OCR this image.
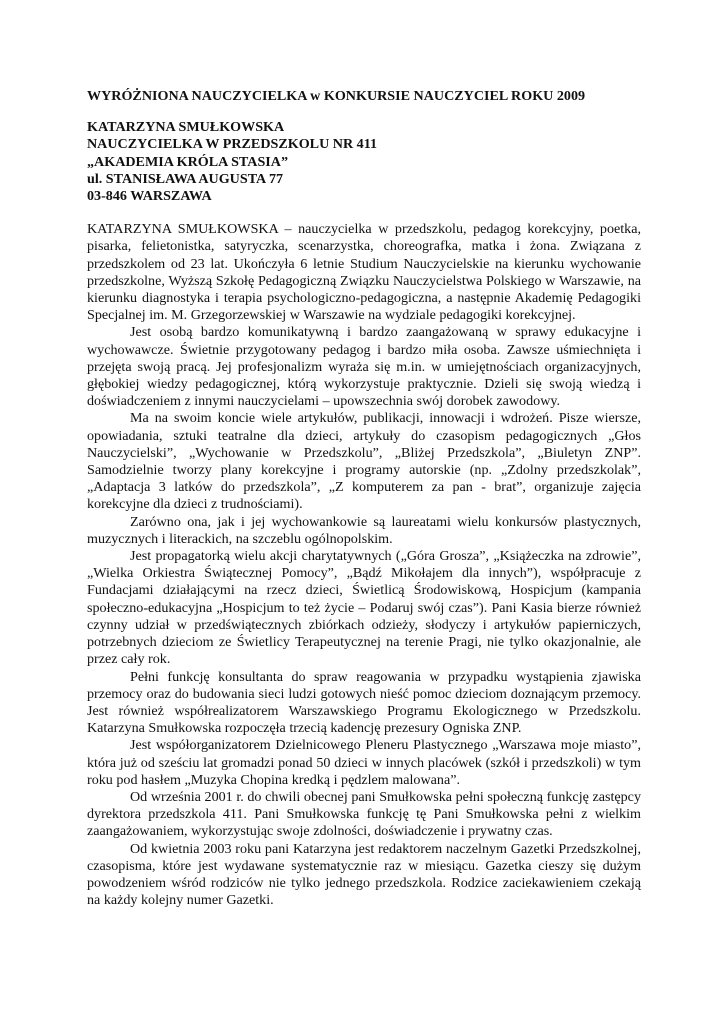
WYRÓŻNIONA NAUCZYCIELKA w KONKURSIE NAUCZYCIEL ROKU 2009
KATARZYNA SMUŁKOWSKA
NAUCZYCIELKA W PRZEDSZKOLU NR 411
„AKADEMIA KRÓLA STASIA”
ul. STANISŁAWA AUGUSTA 77
03-846 WARSZAWA

KATARZYNA SMUŁKOWSKA – nauczycielka w przedszkolu, pedagog korekcyjny, poetka, pisarka, felietonistka, satyryczka, scenarzystka, choreografka, matka i żona. Związana z przedszkolem od 23 lat. Ukończyła 6 letnie Studium Nauczycielskie na kierunku wychowanie przedszkolne, Wyższą Szkołę Pedagogiczną Związku Nauczycielstwa Polskiego w Warszawie, na kierunku diagnostyka i terapia psychologiczno-pedagogiczna, a następnie Akademię Pedagogiki Specjalnej im. M. Grzegorzewskiej w Warszawie na wydziale pedagogiki korekcyjnej.

Jest osobą bardzo komunikatywną i bardzo zaangażowaną w sprawy edukacyjne i wychowawcze. Świetnie przygotowany pedagog i bardzo miła osoba. Zawsze uśmiechnięta i przejęta swoją pracą. Jej profesjonalizm wyraża się m.in. w umiejętnościach organizacyjnych, głębokiej wiedzy pedagogicznej, którą wykorzystuje praktycznie. Dzieli się swoją wiedzą i doświadczeniem z innymi nauczycielami – upowszechnia swój dorobek zawodowy.

Ma na swoim koncie wiele artykułów, publikacji, innowacji i wdrożeń. Pisze wiersze, opowiadania, sztuki teatralne dla dzieci, artykuły do czasopism pedagogicznych „Głos Nauczycielski”, „Wychowanie w Przedszkolu”, „Bliżej Przedszkola”, „Biuletyn ZNP”. Samodzielnie tworzy plany korekcyjne i programy autorskie (np. „Zdolny przedszkolak”, „Adaptacja 3 latków do przedszkola”, „Z komputerem za pan - brat”, organizuje zajęcia korekcyjne dla dzieci z trudnościami).

Zarówno ona, jak i jej wychowankowie są laureatami wielu konkursów plastycznych, muzycznych i literackich, na szczeblu ogólnopolskim.

Jest propagatorką wielu akcji charytatywnych („Góra Grosza”, „Książeczka na zdrowie”, „Wielka Orkiestra Świątecznej Pomocy”, „Bądź Mikołajem dla innych”), współpracuje z Fundacjami działającymi na rzecz dzieci, Świetlicą Środowiskową, Hospicjum (kampania społeczno-edukacyjna „Hospicjum to też życie – Podaruj swój czas”). Pani Kasia bierze również czynny udział w przedświątecznych zbiórkach odzieży, słodyczy i artykułów papierniczych, potrzebnych dzieciom ze Świetlicy Terapeutycznej na terenie Pragi, nie tylko okazjonalnie, ale przez cały rok.

Pełni funkcję konsultanta do spraw reagowania w przypadku wystąpienia zjawiska przemocy oraz do budowania sieci ludzi gotowych nieść pomoc dzieciom doznającym przemocy. Jest również współrealizatorem Warszawskiego Programu Ekologicznego w Przedszkolu. Katarzyna Smułkowska rozpoczęła trzecią kadencję prezesury Ogniska ZNP.

Jest współorganizatorem Dzielnicowego Pleneru Plastycznego „Warszawa moje miasto”, która już od sześciu lat gromadzi ponad 50 dzieci w innych placówek (szkół i przedszkoli) w tym roku pod hasłem „Muzyka Chopina kredką i pędzlem malowana”.

Od września 2001 r. do chwili obecnej pani Smułkowska pełni społeczną funkcję zastępcy dyrektora przedszkola 411. Pani Smułkowska funkcję tę Pani Smułkowska pełni z wielkim zaangażowaniem, wykorzystując swoje zdolności, doświadczenie i prywatny czas.

Od kwietnia 2003 roku pani Katarzyna jest redaktorem naczelnym Gazetki Przedszkolnej, czasopisma, które jest wydawane systematycznie raz w miesiącu. Gazetka cieszy się dużym powodzeniem wśród rodziców nie tylko jednego przedszkola. Rodzice zaciekawieniem czekają na każdy kolejny numer Gazetki.
